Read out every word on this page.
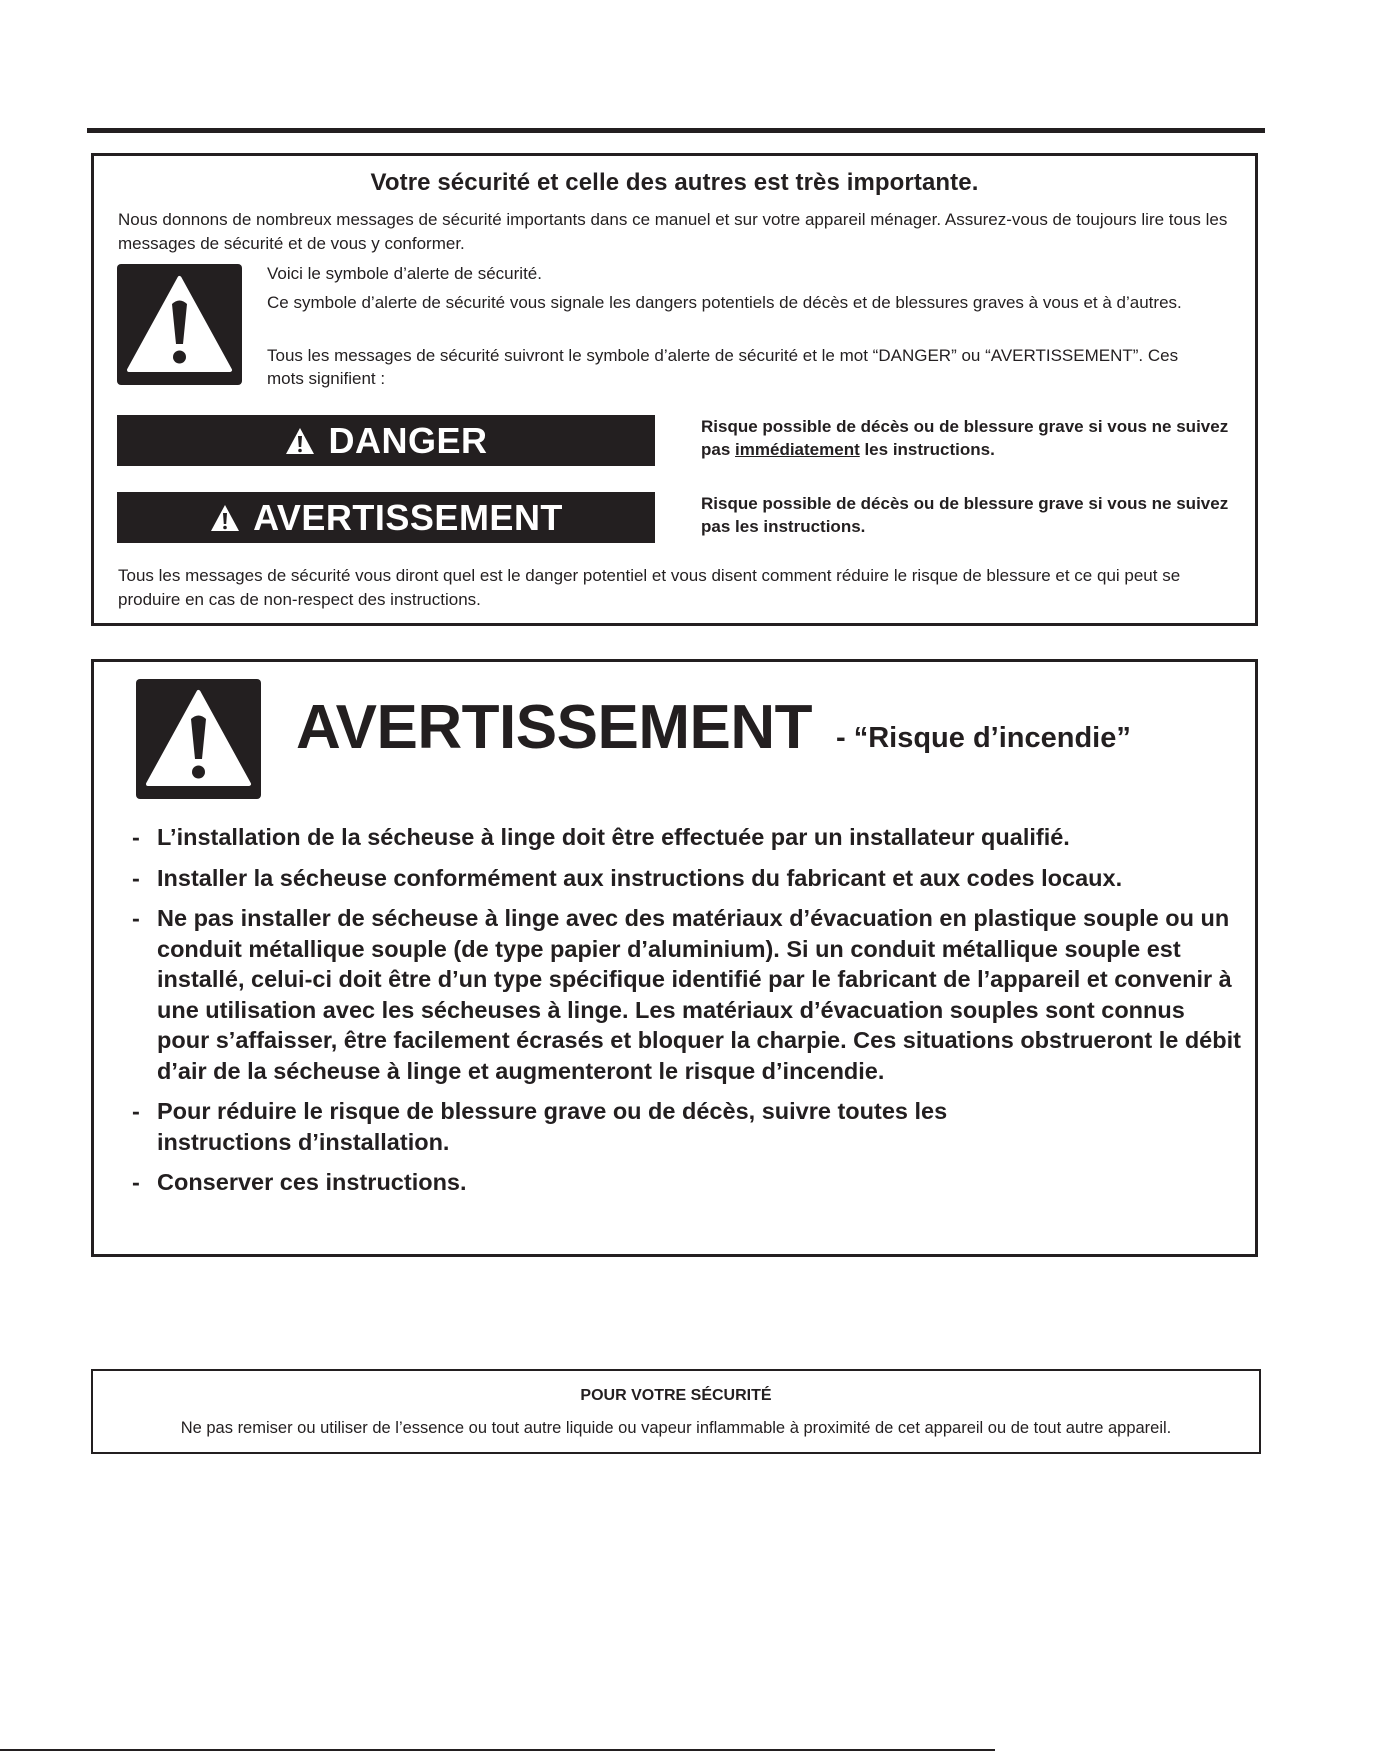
Votre sécurité et celle des autres est très importante.
Nous donnons de nombreux messages de sécurité importants dans ce manuel et sur votre appareil ménager. Assurez-vous de toujours lire tous les messages de sécurité et de vous y conformer.
Voici le symbole d’alerte de sécurité.
Ce symbole d’alerte de sécurité vous signale les dangers potentiels de décès et de blessures graves à vous et à d’autres.
Tous les messages de sécurité suivront le symbole d’alerte de sécurité et le mot “DANGER” ou “AVERTISSEMENT”. Ces mots signifient :
DANGER	Risque possible de décès ou de blessure grave si vous ne suivez pas immédiatement les instructions.
AVERTISSEMENT	Risque possible de décès ou de blessure grave si vous ne suivez pas les instructions.
Tous les messages de sécurité vous diront quel est le danger potentiel et vous disent comment réduire le risque de blessure et ce qui peut se produire en cas de non-respect des instructions.
AVERTISSEMENT - “Risque d’incendie”
- L’installation de la sécheuse à linge doit être effectuée par un installateur qualifié.
- Installer la sécheuse conformément aux instructions du fabricant et aux codes locaux.
- Ne pas installer de sécheuse à linge avec des matériaux d’évacuation en plastique souple ou un conduit métallique souple (de type papier d’aluminium). Si un conduit métallique souple est installé, celui-ci doit être d’un type spécifique identifié par le fabricant de l’appareil et convenir à une utilisation avec les sécheuses à linge. Les matériaux d’évacuation souples sont connus pour s’affaisser, être facilement écrasés et bloquer la charpie. Ces situations obstrueront le débit d’air de la sécheuse à linge et augmenteront le risque d’incendie.
- Pour réduire le risque de blessure grave ou de décès, suivre toutes les instructions d’installation.
- Conserver ces instructions.
POUR VOTRE SÉCURITÉ
Ne pas remiser ou utiliser de l’essence ou tout autre liquide ou vapeur inflammable à proximité de cet appareil ou de tout autre appareil.
